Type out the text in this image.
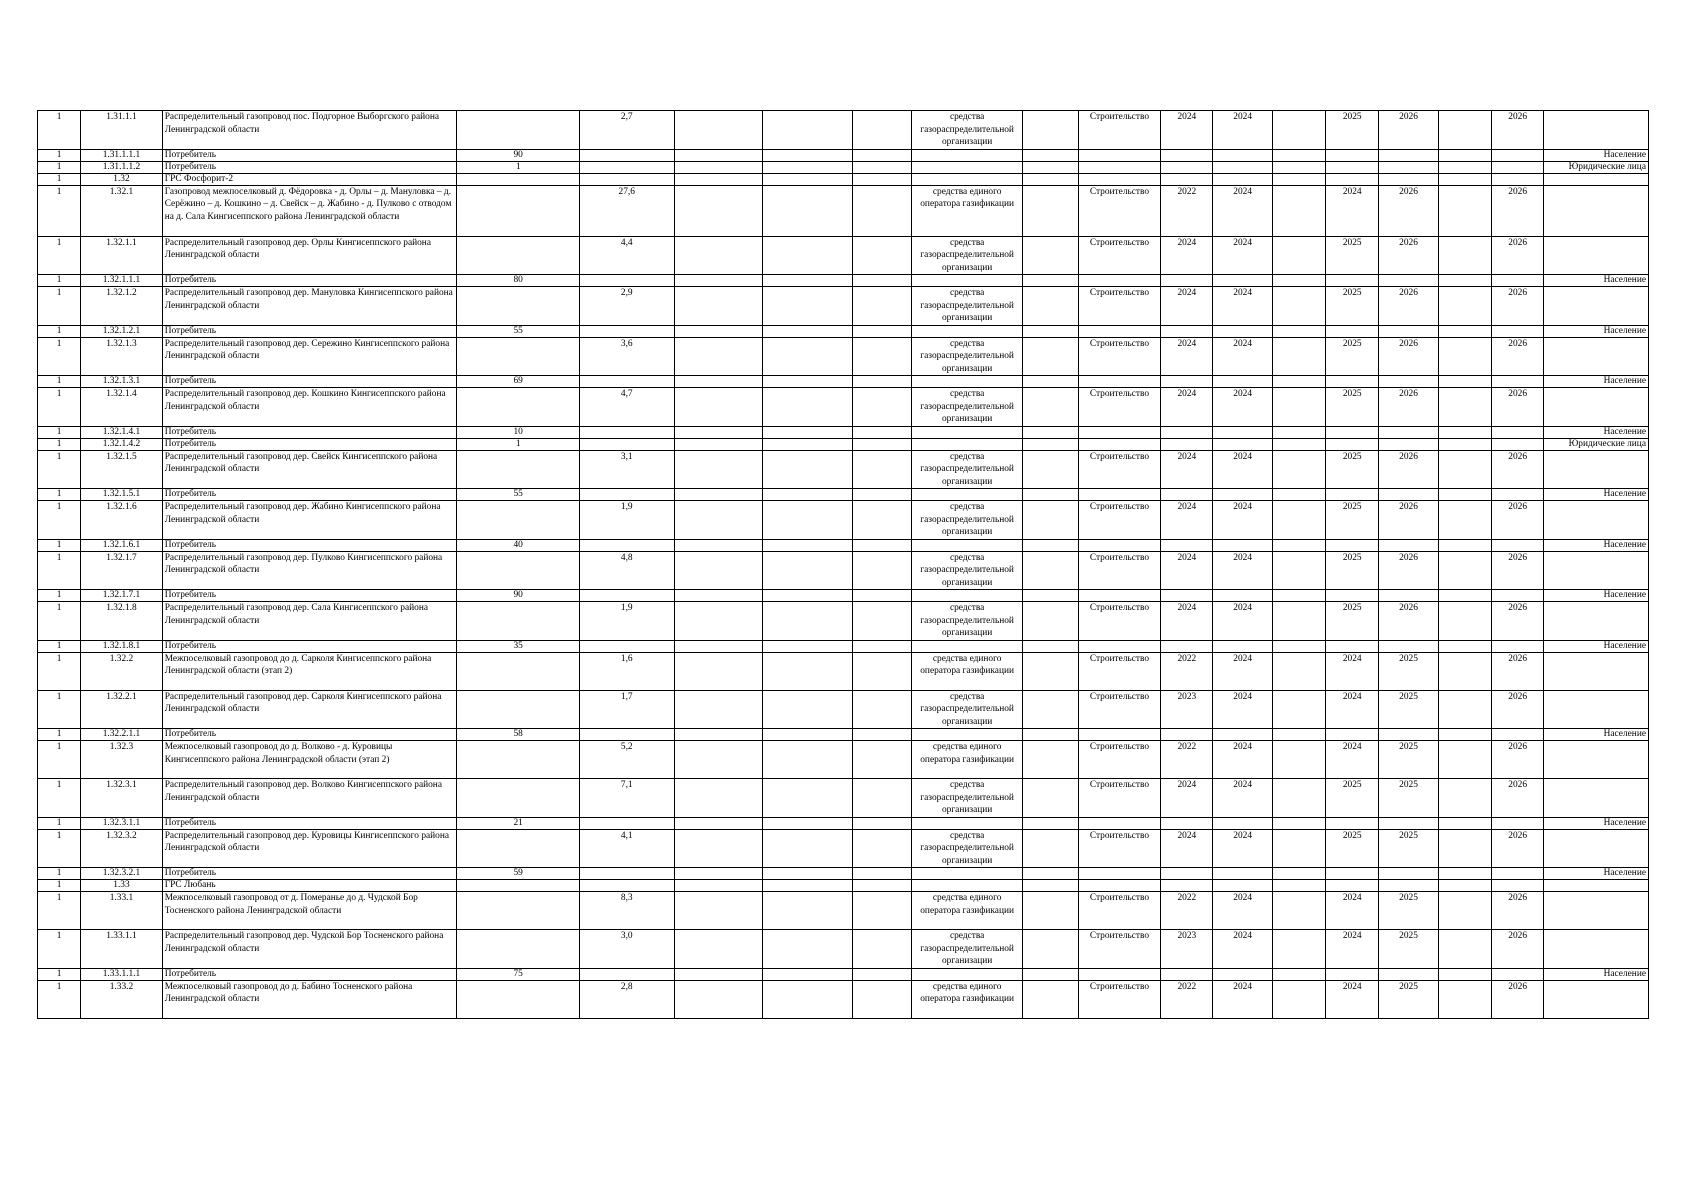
1	1.31.1.1	Распределительный газопровод пос. Подгорное Выборгского района Ленинградской области		2,7				средства газораспределительной организации		Строительство	2024	2024		2025	2026		2026	
1	1.31.1.1.1	Потребитель	90															Население
1	1.31.1.1.2	Потребитель	1															Юридические лица
1	1.32	ГРС Фосфорит-2																
1	1.32.1	Газопровод межпоселковый д. Фёдоровка - д. Орлы – д. Мануловка – д. Серёжино – д. Кошкино – д. Свейск – д. Жабино - д. Пулково с отводом на д. Сала Кингисеппского района Ленинградской области		27,6				средства единого оператора газификации		Строительство	2022	2024		2024	2026		2026	
1	1.32.1.1	Распределительный газопровод дер. Орлы Кингисеппского района Ленинградской области		4,4				средства газораспределительной организации		Строительство	2024	2024		2025	2026		2026	
1	1.32.1.1.1	Потребитель	80															Население
1	1.32.1.2	Распределительный газопровод дер. Мануловка Кингисеппского района Ленинградской области		2,9				средства газораспределительной организации		Строительство	2024	2024		2025	2026		2026	
1	1.32.1.2.1	Потребитель	55															Население
1	1.32.1.3	Распределительный газопровод дер. Сережино Кингисеппского района Ленинградской области		3,6				средства газораспределительной организации		Строительство	2024	2024		2025	2026		2026	
1	1.32.1.3.1	Потребитель	69															Население
1	1.32.1.4	Распределительный газопровод дер. Кошкино Кингисеппского района Ленинградской области		4,7				средства газораспределительной организации		Строительство	2024	2024		2025	2026		2026	
1	1.32.1.4.1	Потребитель	10															Население
1	1.32.1.4.2	Потребитель	1															Юридические лица
1	1.32.1.5	Распределительный газопровод дер. Свейск Кингисеппского района Ленинградской области		3,1				средства газораспределительной организации		Строительство	2024	2024		2025	2026		2026	
1	1.32.1.5.1	Потребитель	55															Население
1	1.32.1.6	Распределительный газопровод дер. Жабино Кингисеппского района Ленинградской области		1,9				средства газораспределительной организации		Строительство	2024	2024		2025	2026		2026	
1	1.32.1.6.1	Потребитель	40															Население
1	1.32.1.7	Распределительный газопровод дер. Пулково Кингисеппского района Ленинградской области		4,8				средства газораспределительной организации		Строительство	2024	2024		2025	2026		2026	
1	1.32.1.7.1	Потребитель	90															Население
1	1.32.1.8	Распределительный газопровод дер. Сала Кингисеппского района Ленинградской области		1,9				средства газораспределительной организации		Строительство	2024	2024		2025	2026		2026	
1	1.32.1.8.1	Потребитель	35															Население
1	1.32.2	Межпоселковый газопровод до д. Сарколя Кингисеппского района Ленинградской области (этап 2)		1,6				средства единого оператора газификации		Строительство	2022	2024		2024	2025		2026	
1	1.32.2.1	Распределительный газопровод дер. Сарколя Кингисеппского района Ленинградской области		1,7				средства газораспределительной организации		Строительство	2023	2024		2024	2025		2026	
1	1.32.2.1.1	Потребитель	58															Население
1	1.32.3	Межпоселковый газопровод до д. Волково - д. Куровицы Кингисеппского района Ленинградской области (этап 2)		5,2				средства единого оператора газификации		Строительство	2022	2024		2024	2025		2026	
1	1.32.3.1	Распределительный газопровод дер. Волково Кингисеппского района Ленинградской области		7,1				средства газораспределительной организации		Строительство	2024	2024		2025	2025		2026	
1	1.32.3.1.1	Потребитель	21															Население
1	1.32.3.2	Распределительный газопровод дер. Куровицы Кингисеппского района Ленинградской области		4,1				средства газораспределительной организации		Строительство	2024	2024		2025	2025		2026	
1	1.32.3.2.1	Потребитель	59															Население
1	1.33	ГРС Любань																
1	1.33.1	Межпоселковый газопровод от д. Померанье до д. Чудской Бор Тосненского района Ленинградской области		8,3				средства единого оператора газификации		Строительство	2022	2024		2024	2025		2026	
1	1.33.1.1	Распределительный газопровод дер. Чудской Бор Тосненского района Ленинградской области		3,0				средства газораспределительной организации		Строительство	2023	2024		2024	2025		2026	
1	1.33.1.1.1	Потребитель	75															Население
1	1.33.2	Межпоселковый газопровод до д. Бабино Тосненского района Ленинградской области		2,8				средства единого оператора газификации		Строительство	2022	2024		2024	2025		2026	
